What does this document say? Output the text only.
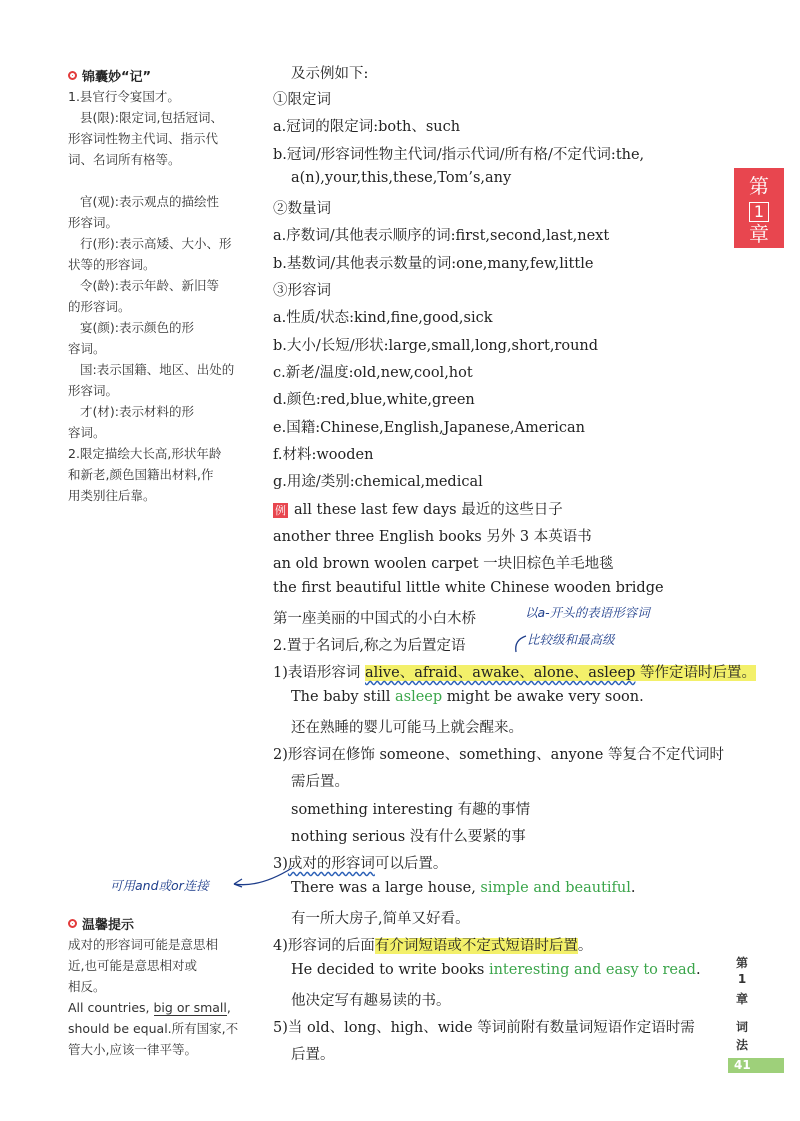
锦囊妙“记”
1.县官行令宴国才。
县(限):限定词,包括冠词、
形容词性物主代词、指示代
词、名词所有格等。

官(观):表示观点的描绘性
形容词。
行(形):表示高矮、大小、形
状等的形容词。
令(龄):表示年龄、新旧等
的形容词。
宴(颜):表示颜色的形
容词。
国:表示国籍、地区、出处的
形容词。
才(材):表示材料的形
容词。
2.限定描绘大长高,形状年龄
和新老,颜色国籍出材料,作
用类别往后靠。
温馨提示
成对的形容词可能是意思相
近,也可能是意思相对或
相反。
All countries, big or small,
should be equal.所有国家,不
管大小,应该一律平等。
可用and或or连接
及示例如下:
①限定词
a.冠词的限定词:both、such
b.冠词/形容词性物主代词/指示代词/所有格/不定代词:the,
a(n),your,this,these,Tom’s,any
②数量词
a.序数词/其他表示顺序的词:first,second,last,next
b.基数词/其他表示数量的词:one,many,few,little
③形容词
a.性质/状态:kind,fine,good,sick
b.大小/长短/形状:large,small,long,short,round
c.新老/温度:old,new,cool,hot
d.颜色:red,blue,white,green
e.国籍:Chinese,English,Japanese,American
f.材料:wooden
g.用途/类别:chemical,medical
例 all these last few days 最近的这些日子
another three English books 另外 3 本英语书
an old brown woolen carpet 一块旧棕色羊毛地毯
the first beautiful little white Chinese wooden bridge
第一座美丽的中国式的小白木桥	以a-开头的表语形容词
比较级和最高级
2.置于名词后,称之为后置定语
1)表语形容词 alive、afraid、awake、alone、asleep 等作定语时后置。
The baby still asleep might be awake very soon.
还在熟睡的婴儿可能马上就会醒来。
2)形容词在修饰 someone、something、anyone 等复合不定代词时
需后置。
something interesting 有趣的事情
nothing serious 没有什么要紧的事
3)成对的形容词可以后置。
There was a large house, simple and beautiful.
有一所大房子,简单又好看。
4)形容词的后面有介词短语或不定式短语时后置。
He decided to write books interesting and easy to read.
他决定写有趣易读的书。
5)当 old、long、high、wide 等词前附有数量词短语作定语时需
后置。
第
1
章
第
1
章
词
法
41
